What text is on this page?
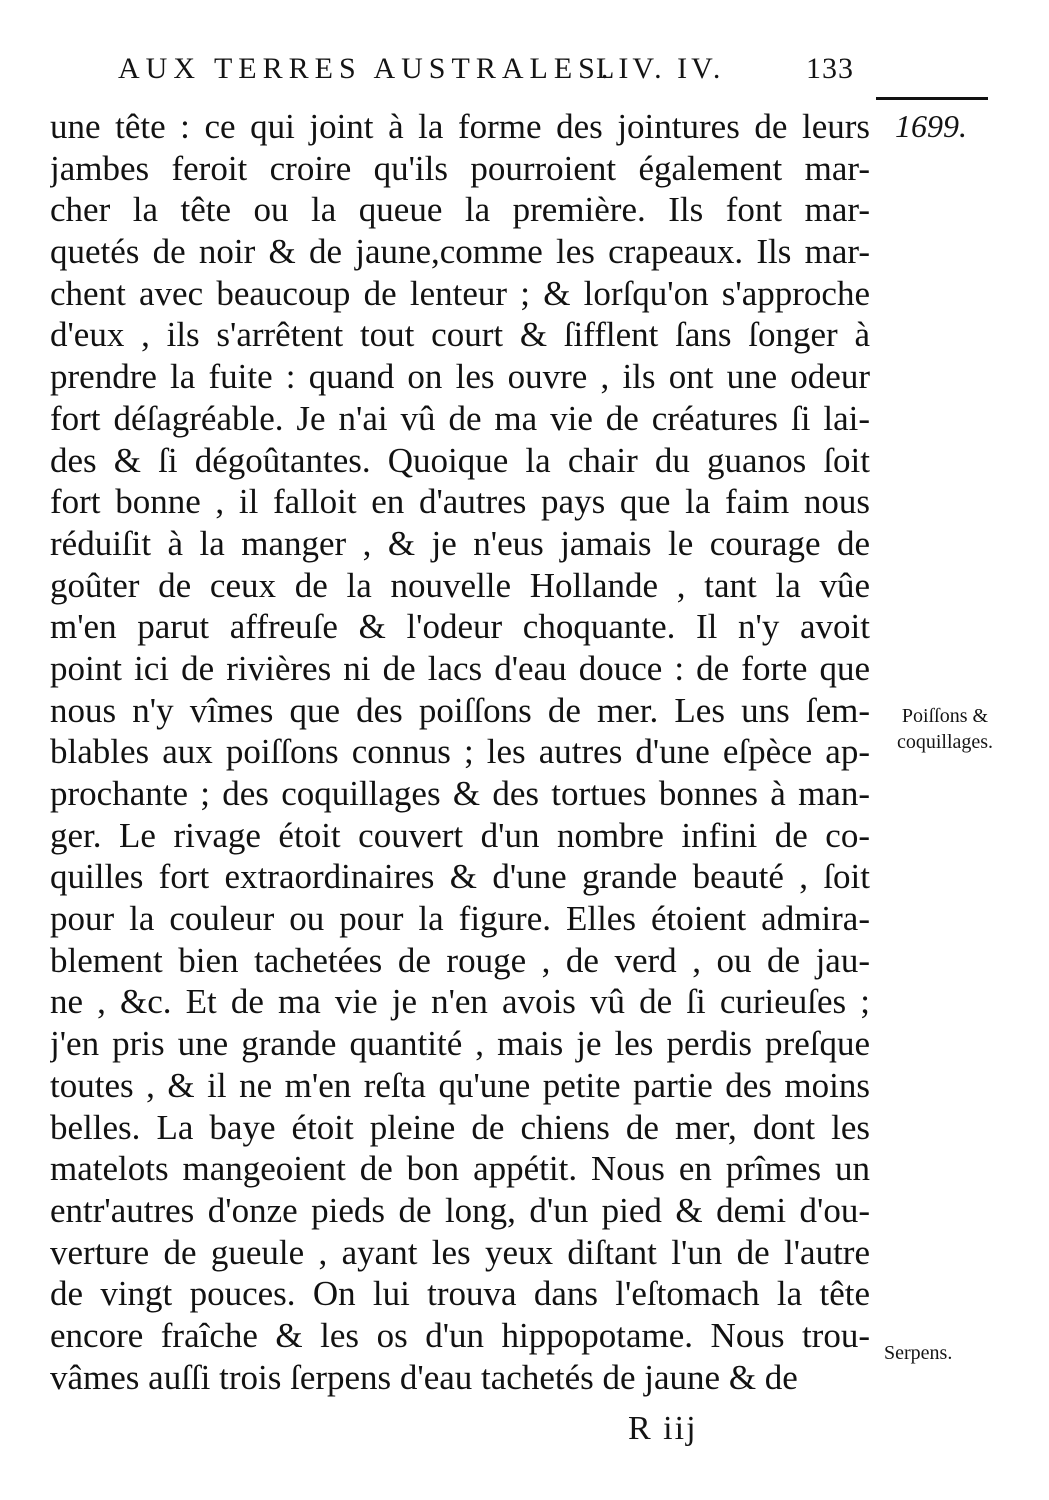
AUX TERRES AUSTRALES.
LIV. IV.	133
1699.
une tête : ce qui joint à la forme des jointures de leurs
jambes feroit croire qu'ils pourroient également mar-
cher la tête ou la queue la première. Ils font mar-
quetés de noir & de jaune,comme les crapeaux. Ils mar-
chent avec beaucoup de lenteur ; & lorſqu'on s'approche
d'eux , ils s'arrêtent tout court & ſifflent ſans ſonger à
prendre la fuite : quand on les ouvre , ils ont une odeur
fort déſagréable. Je n'ai vû de ma vie de créatures ſi lai-
des & ſi dégoûtantes. Quoique la chair du guanos ſoit
fort bonne , il falloit en d'autres pays que la faim nous
réduiſit à la manger , & je n'eus jamais le courage de
goûter de ceux de la nouvelle Hollande , tant la vûe
m'en parut affreuſe & l'odeur choquante. Il n'y avoit
point ici de rivières ni de lacs d'eau douce : de forte que
nous n'y vîmes que des poiſſons de mer. Les uns ſem-
blables aux poiſſons connus ; les autres d'une eſpèce ap-
prochante ; des coquillages & des tortues bonnes à man-
ger. Le rivage étoit couvert d'un nombre infini de co-
quilles fort extraordinaires & d'une grande beauté , ſoit
pour la couleur ou pour la figure. Elles étoient admira-
blement bien tachetées de rouge , de verd , ou de jau-
ne , &c. Et de ma vie je n'en avois vû de ſi curieuſes ;
j'en pris une grande quantité , mais je les perdis preſque
toutes , & il ne m'en reſta qu'une petite partie des moins
belles. La baye étoit pleine de chiens de mer, dont les
matelots mangeoient de bon appétit. Nous en prîmes un
entr'autres d'onze pieds de long, d'un pied & demi d'ou-
verture de gueule , ayant les yeux diſtant l'un de l'autre
de vingt pouces. On lui trouva dans l'eſtomach la tête
encore fraîche & les os d'un hippopotame. Nous trou-
vâmes auſſi trois ſerpens d'eau tachetés de jaune & de
Poiſſons &
coquillages.
Serpens.
R iij
